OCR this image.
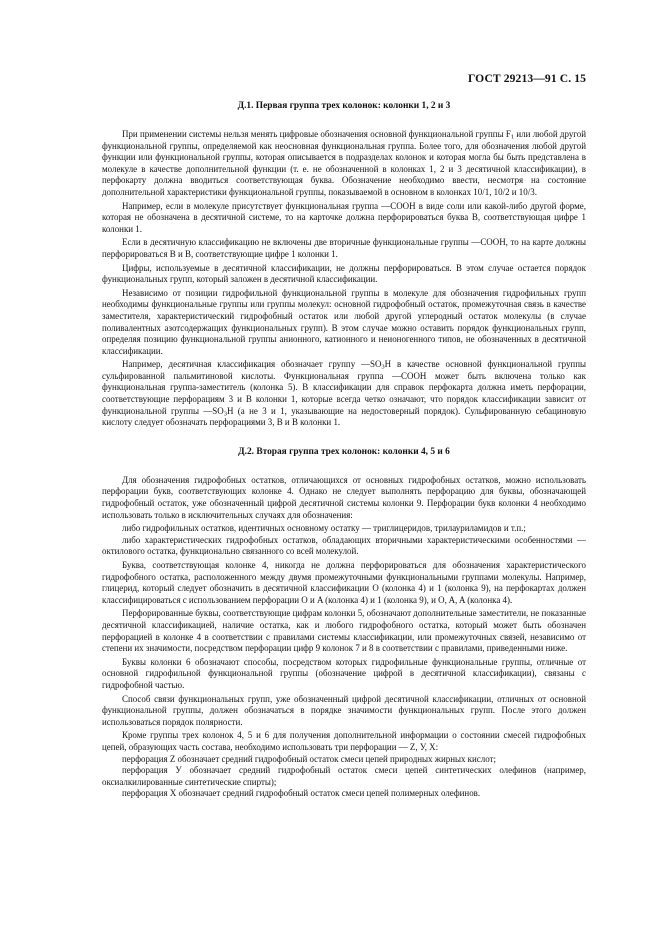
ГОСТ 29213—91 С. 15
Д.1. Первая группа трех колонок: колонки 1, 2 и 3

При применении системы нельзя менять цифровые обозначения основной функциональной группы $F_1$ или любой другой функциональной группы, определяемой как неосновная функциональная группа. Более того, для обозначения любой другой функции или функциональной группы, которая описывается в подразделах колонок и которая могла бы быть представлена в молекуле в качестве дополнительной функции (т. е. не обозначенной в колонках 1, 2 и 3 десятичной классификации), в перфокарту должна вводиться соответствующая буква. Обозначение необходимо ввести, несмотря на состояние дополнительной характеристики функциональной группы, показываемой в основном в колонках 10/1, 10/2 и 10/3.

Например, если в молекуле присутствует функциональная группа —COOH в виде соли или какой-либо другой форме, которая не обозначена в десятичной системе, то на карточке должна перфорироваться буква B, соответствующая цифре 1 колонки 1.

Если в десятичную классификацию не включены две вторичные функциональные группы —COOH, то на карте должны перфорироваться B и B, соответствующие цифре 1 колонки 1.

Цифры, используемые в десятичной классификации, не должны перфорироваться. В этом случае остается порядок функциональных групп, который заложен в десятичной классификации.

Независимо от позиции гидрофильной функциональной группы в молекуле для обозначения гидрофильных групп необходимы функциональные группы или группы молекул: основной гидрофобный остаток, промежуточная связь в качестве заместителя, характеристический гидрофобный остаток или любой другой углеродный остаток молекулы (в случае поливалентных азотсодержащих функциональных групп). В этом случае можно оставить порядок функциональных групп, определяя позицию функциональной группы анионного, катионного и неионогенного типов, не обозначенных в десятичной классификации.

Например, десятичная классификация обозначает группу $—SO_3H$ в качестве основной функциональной группы сульфированной пальмитиновой кислоты. Функциональная группа —COOH может быть включена только как функциональная группа-заместитель (колонка 5). В классификации для справок перфокарта должна иметь перфорации, соответствующие перфорациям 3 и B колонки 1, которые всегда четко означают, что порядок классификации зависит от функциональной группы $—SO_3H$ (а не 3 и 1, указывающие на недостоверный порядок). Сульфированную себациновую кислоту следует обозначать перфорациями 3, B и B колонки 1.

Д.2. Вторая группа трех колонок: колонки 4, 5 и 6

Для обозначения гидрофобных остатков, отличающихся от основных гидрофобных остатков, можно использовать перфорации букв, соответствующих колонке 4. Однако не следует выполнять перфорацию для буквы, обозначающей гидрофобный остаток, уже обозначенный цифрой десятичной системы колонки 9. Перфорации букв колонки 4 необходимо использовать только в исключительных случаях для обозначения:

либо гидрофильных остатков, идентичных основному остатку — триглицеридов, трилауриламидов и т.п.;

либо характеристических гидрофобных остатков, обладающих вторичными характеристическими особенностями — октилового остатка, функционально связанного со всей молекулой.

Буква, соответствующая колонке 4, никогда не должна перфорироваться для обозначения характеристического гидрофобного остатка, расположенного между двумя промежуточными функциональными группами молекулы. Например, глицерид, который следует обозначить в десятичной классификации O (колонка 4) и 1 (колонка 9), на перфокартах должен классифицироваться с использованием перфорации O и A (колонка 4) и 1 (колонка 9), и O, A, A (колонка 4).

Перфорированные буквы, соответствующие цифрам колонки 5, обозначают дополнительные заместители, не показанные десятичной классификацией, наличие остатка, как и любого гидрофобного остатка, который может быть обозначен перфорацией в колонке 4 в соответствии с правилами системы классификации, или промежуточных связей, независимо от степени их значимости, посредством перфорации цифр 9 колонок 7 и 8 в соответствии с правилами, приведенными ниже.

Буквы колонки 6 обозначают способы, посредством которых гидрофильные функциональные группы, отличные от основной гидрофильной функциональной группы (обозначение цифрой в десятичной классификации), связаны с гидрофобной частью.

Способ связи функциональных групп, уже обозначенный цифрой десятичной классификации, отличных от основной функциональной группы, должен обозначаться в порядке значимости функциональных групп. После этого должен использоваться порядок полярности.

Кроме группы трех колонок 4, 5 и 6 для получения дополнительной информации о состоянии смесей гидрофобных цепей, образующих часть состава, необходимо использовать три перфорации — Z, У, X:

перфорация Z обозначает средний гидрофобный остаток смеси цепей природных жирных кислот;

перфорация У обозначает средний гидрофобный остаток смеси цепей синтетических олефинов (например, оксиалкилированные синтетические спирты);

перфорация X обозначает средний гидрофобный остаток смеси цепей полимерных олефинов.
